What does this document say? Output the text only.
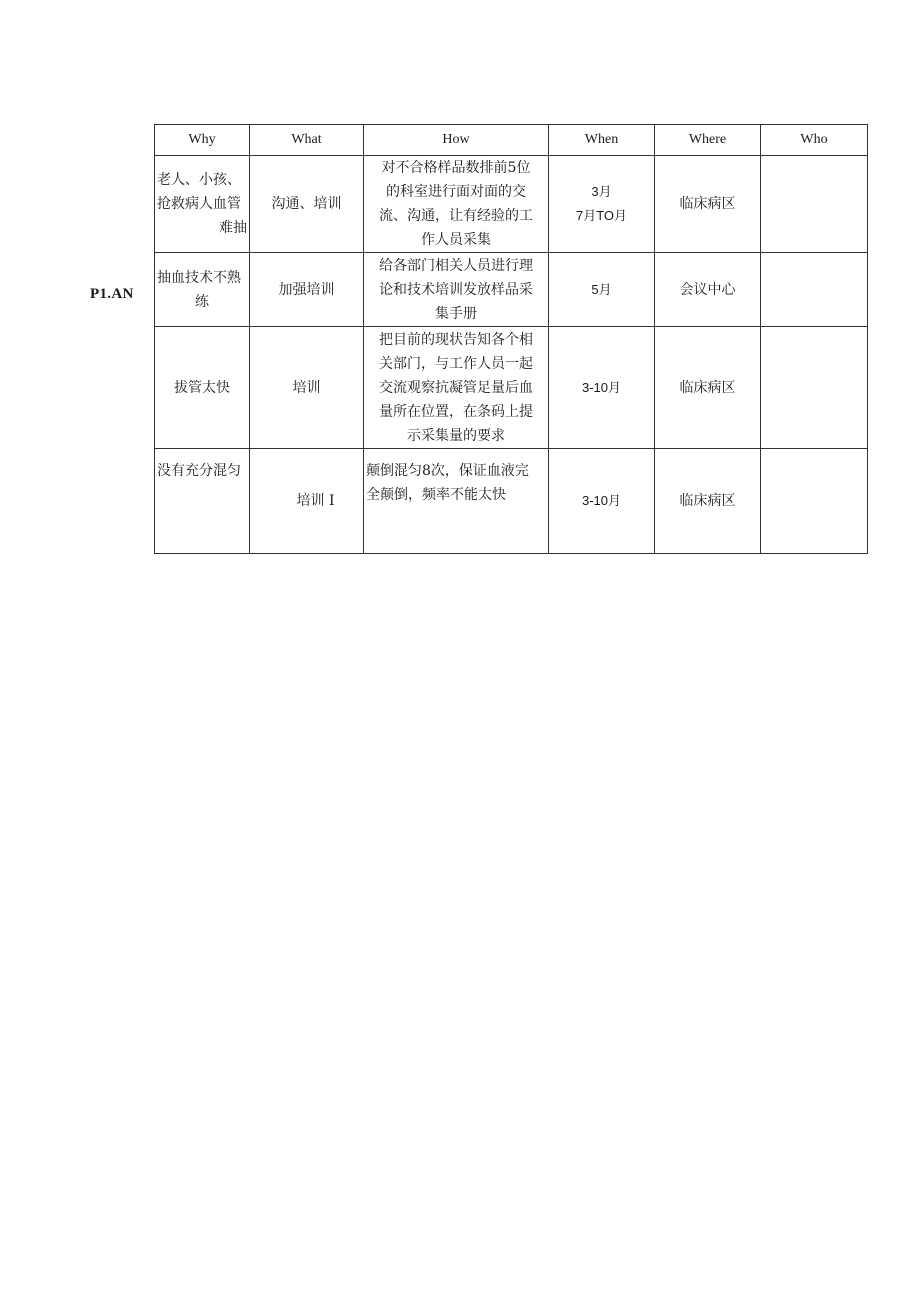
P1.AN
Why	What	How	When	Where	Who

老人、小孩、
抢救病人血管
难抽	沟通、培训	对不合格样品数排前5位
的科室进行面对面的交
流、沟通，让有经验的工
作人员采集	3月
7月TO月	临床病区	

抽血技术不熟
练	加强培训	给各部门相关人员进行理
论和技术培训发放样品采
集手册	5月	会议中心	

拔管太快	培训	把目前的现状告知各个相
关部门，与工作人员一起
交流观察抗凝管足量后血
量所在位置，在条码上提
示采集量的要求	3-10月	临床病区	

没有充分混匀	培训 I	颠倒混匀8次，保证血液完
全颠倒，频率不能太快	3-10月	临床病区	
